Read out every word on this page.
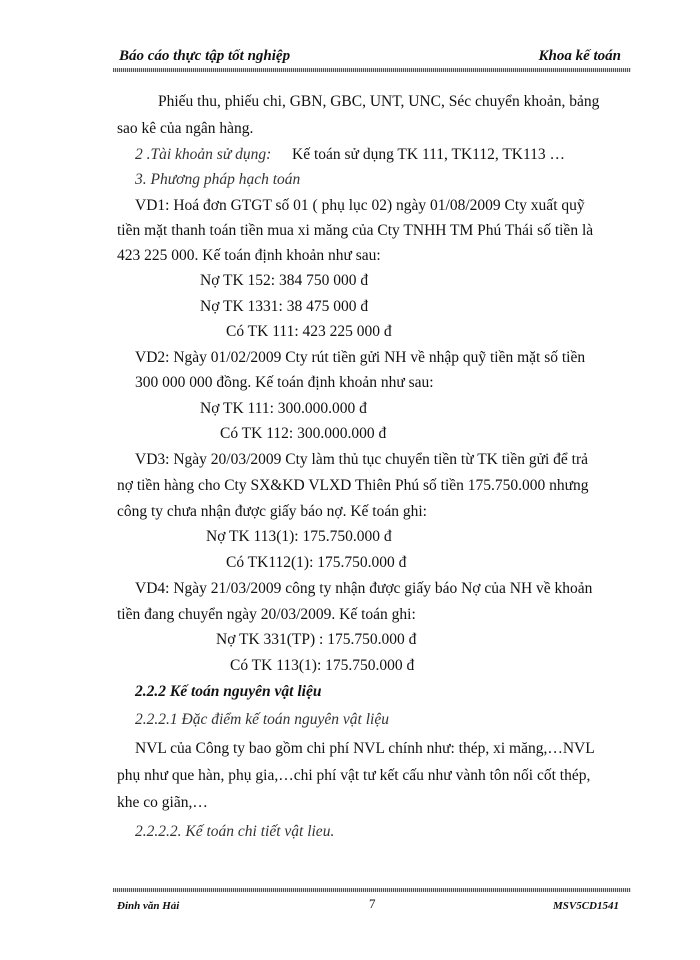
Báo cáo thực tập tốt nghiệp	Khoa kế toán
Phiếu thu, phiếu chi, GBN, GBC, UNT, UNC, Séc chuyển khoản, bảng
sao kê của ngân hàng.
2 .Tài khoản sử dụng: Kế toán sử dụng TK 111, TK112, TK113 …
3. Phương pháp hạch toán
VD1: Hoá đơn GTGT số 01 ( phụ lục 02) ngày 01/08/2009 Cty xuất quỹ
tiền mặt thanh toán tiền mua xi măng của Cty TNHH TM Phú Thái số tiền là
423 225 000. Kế toán định khoản như sau:
Nợ TK 152: 384 750 000 đ
Nợ TK 1331: 38 475 000 đ
Có TK 111: 423 225 000 đ
VD2: Ngày 01/02/2009 Cty rút tiền gửi NH về nhập quỹ tiền mặt số tiền
300 000 000 đồng. Kế toán định khoản như sau:
Nợ TK 111: 300.000.000 đ
Có TK 112: 300.000.000 đ
VD3: Ngày 20/03/2009 Cty làm thủ tục chuyển tiền từ TK tiền gửi để trả
nợ tiền hàng cho Cty SX&KD VLXD Thiên Phú số tiền 175.750.000 nhưng
công ty chưa nhận được giấy báo nợ. Kế toán ghi:
Nợ TK 113(1): 175.750.000 đ
Có TK112(1): 175.750.000 đ
VD4: Ngày 21/03/2009 công ty nhận được giấy báo Nợ của NH về khoản
tiền đang chuyển ngày 20/03/2009. Kế toán ghi:
Nợ TK 331(TP) : 175.750.000 đ
Có TK 113(1): 175.750.000 đ
2.2.2 Kế toán nguyên vật liệu
2.2.2.1 Đặc điểm kế toán nguyên vật liệu
NVL của Công ty bao gồm chi phí NVL chính như: thép, xi măng,…NVL
phụ như que hàn, phụ gia,…chi phí vật tư kết cấu như vành tôn nối cốt thép,
khe co giãn,…
2.2.2.2. Kế toán chi tiết vật lieu.
Đinh văn Hải	7	MSV5CD1541
